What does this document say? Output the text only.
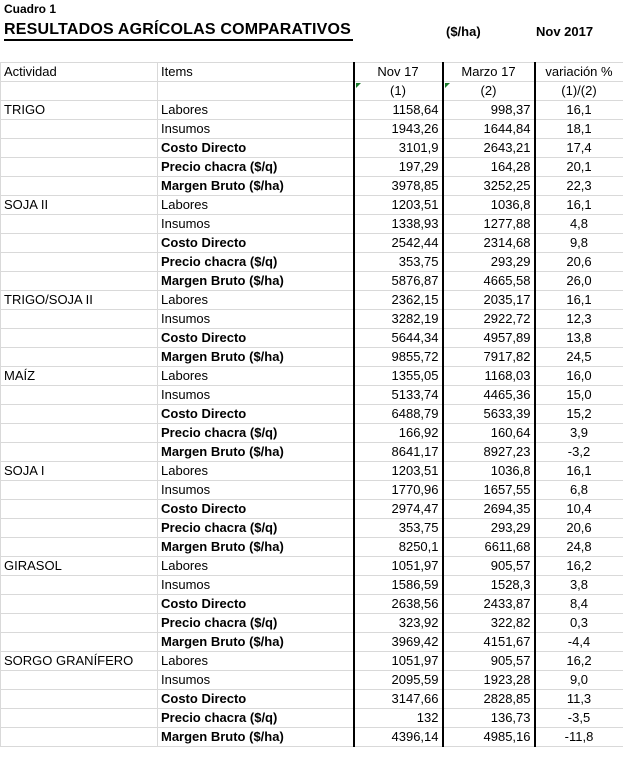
Cuadro 1
RESULTADOS AGRÍCOLAS COMPARATIVOS	($/ha)	Nov 2017
Actividad	Items	Nov 17	Marzo 17	variación %
		(1)	(2)	(1)/(2)
TRIGO	Labores	1158,64	998,37	16,1
	Insumos	1943,26	1644,84	18,1
	Costo Directo	3101,9	2643,21	17,4
	Precio chacra ($/q)	197,29	164,28	20,1
	Margen Bruto ($/ha)	3978,85	3252,25	22,3
SOJA II	Labores	1203,51	1036,8	16,1
	Insumos	1338,93	1277,88	4,8
	Costo Directo	2542,44	2314,68	9,8
	Precio chacra ($/q)	353,75	293,29	20,6
	Margen Bruto ($/ha)	5876,87	4665,58	26,0
TRIGO/SOJA II	Labores	2362,15	2035,17	16,1
	Insumos	3282,19	2922,72	12,3
	Costo Directo	5644,34	4957,89	13,8
	Margen Bruto ($/ha)	9855,72	7917,82	24,5
MAÍZ	Labores	1355,05	1168,03	16,0
	Insumos	5133,74	4465,36	15,0
	Costo Directo	6488,79	5633,39	15,2
	Precio chacra ($/q)	166,92	160,64	3,9
	Margen Bruto ($/ha)	8641,17	8927,23	-3,2
SOJA I	Labores	1203,51	1036,8	16,1
	Insumos	1770,96	1657,55	6,8
	Costo Directo	2974,47	2694,35	10,4
	Precio chacra ($/q)	353,75	293,29	20,6
	Margen Bruto ($/ha)	8250,1	6611,68	24,8
GIRASOL	Labores	1051,97	905,57	16,2
	Insumos	1586,59	1528,3	3,8
	Costo Directo	2638,56	2433,87	8,4
	Precio chacra ($/q)	323,92	322,82	0,3
	Margen Bruto ($/ha)	3969,42	4151,67	-4,4
SORGO GRANÍFERO	Labores	1051,97	905,57	16,2
	Insumos	2095,59	1923,28	9,0
	Costo Directo	3147,66	2828,85	11,3
	Precio chacra ($/q)	132	136,73	-3,5
	Margen Bruto ($/ha)	4396,14	4985,16	-11,8
